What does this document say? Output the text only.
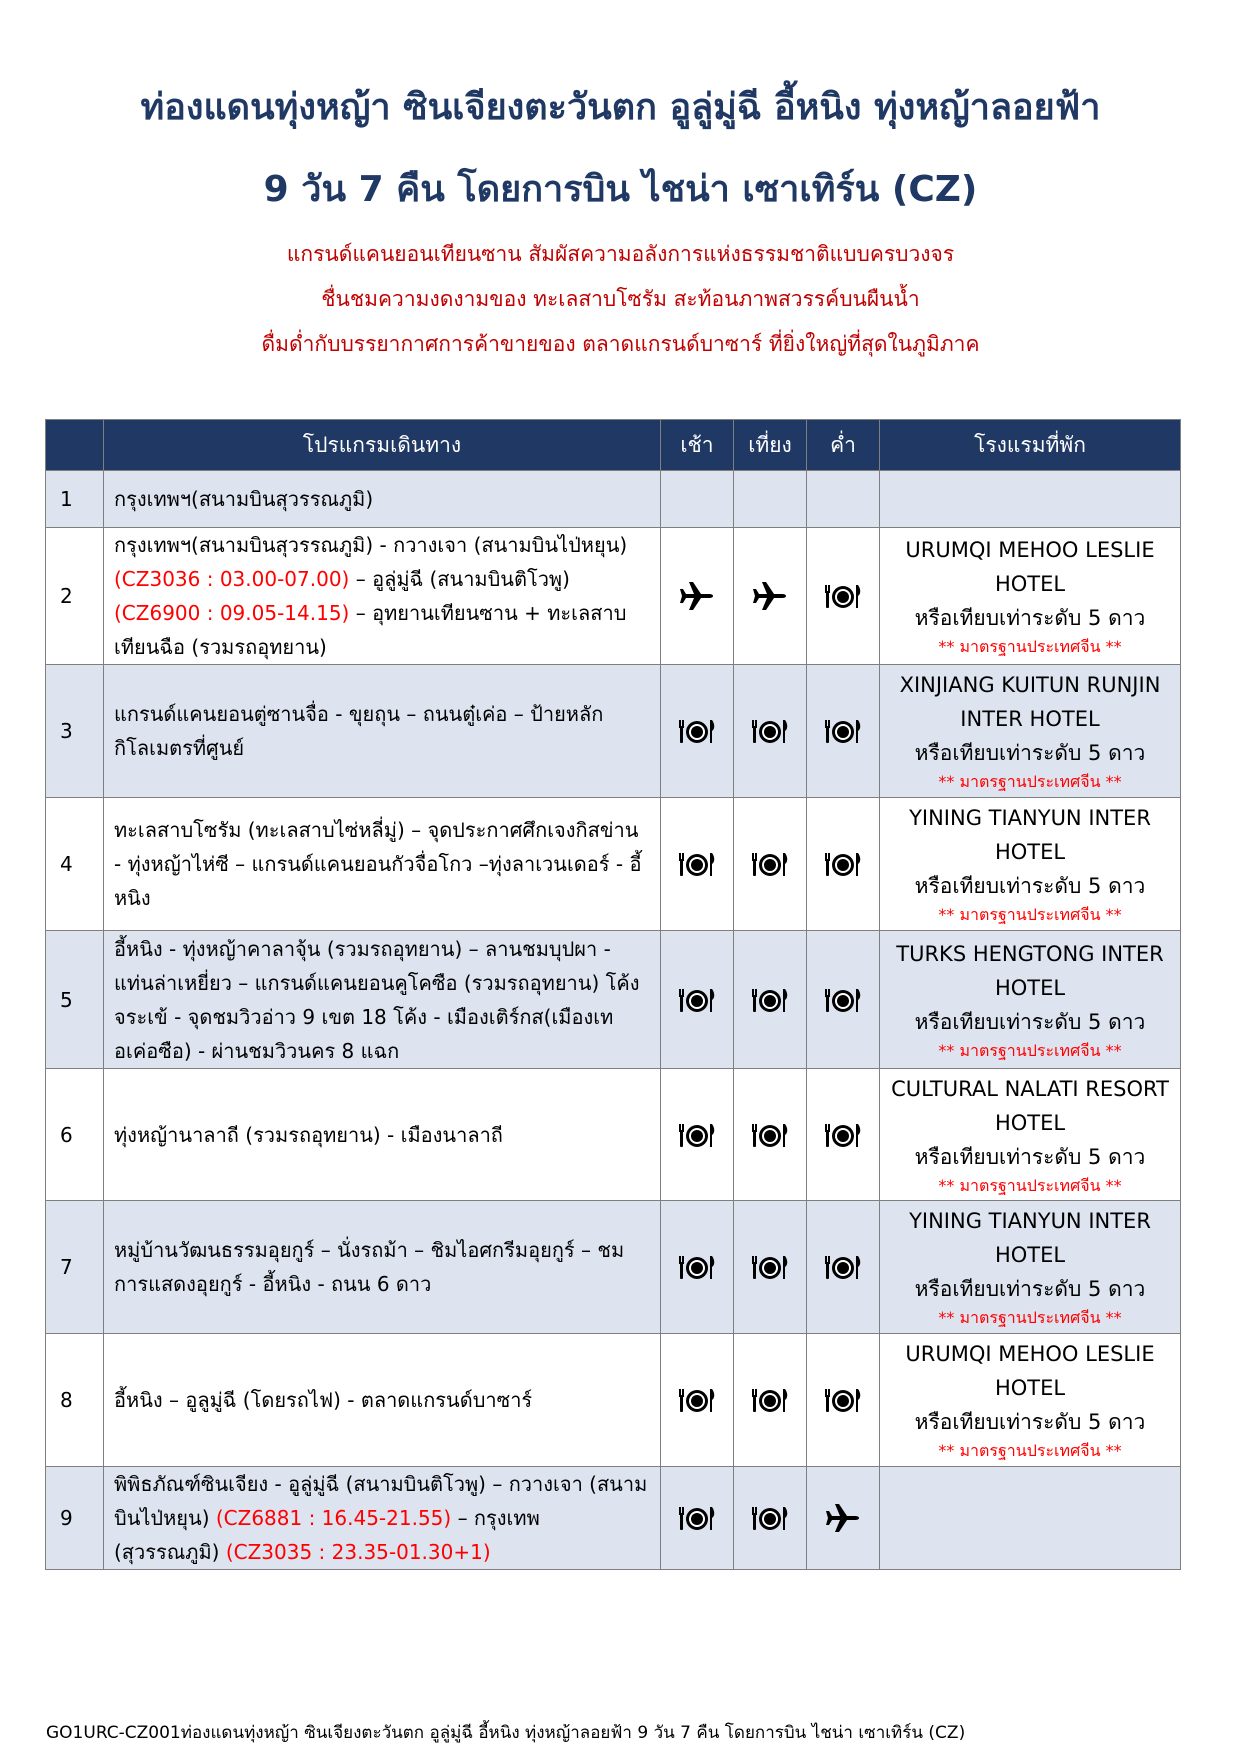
ท่องแดนทุ่งหญ้า ซินเจียงตะวันตก อูลู่มู่ฉี อี้หนิง ทุ่งหญ้าลอยฟ้า
9 วัน 7 คืน โดยการบิน ไชน่า เซาเทิร์น (CZ)
แกรนด์แคนยอนเทียนซาน สัมผัสความอลังการแห่งธรรมชาติแบบครบวงจร
ชื่นชมความงดงามของ ทะเลสาบโซรัม สะท้อนภาพสวรรค์บนผืนน้ำ
ดื่มด่ำกับบรรยากาศการค้าขายของ ตลาดแกรนด์บาซาร์ ที่ยิ่งใหญ่ที่สุดในภูมิภาค
	โปรแกรมเดินทาง	เช้า	เที่ยง	ค่ำ	โรงแรมที่พัก
1	กรุงเทพฯ(สนามบินสุวรรณภูมิ)				
2	กรุงเทพฯ(สนามบินสุวรรณภูมิ) - กวางเจา (สนามบินไป่หยุน) (CZ3036 : 03.00-07.00) – อูลู่มู่ฉี (สนามบินติโวพู) (CZ6900 : 09.05-14.15) – อุทยานเทียนซาน + ทะเลสาบเทียนฉือ (รวมรถอุทยาน)				URUMQI MEHOO LESLIE HOTEL
หรือเทียบเท่าระดับ 5 ดาว
** มาตรฐานประเทศจีน **

3	แกรนด์แคนยอนตู่ซานจื่อ - ขุยถุน – ถนนตู๋เค่อ – ป้ายหลักกิโลเมตรที่ศูนย์				XINJIANG KUITUN RUNJIN INTER HOTEL
หรือเทียบเท่าระดับ 5 ดาว
** มาตรฐานประเทศจีน **

4	ทะเลสาบโซรัม (ทะเลสาบไซ่หลี่มู่) – จุดประกาศศึกเจงกิสข่าน - ทุ่งหญ้าไห่ซี – แกรนด์แคนยอนกัวจื่อโกว –ทุ่งลาเวนเดอร์ - อี้หนิง				YINING TIANYUN INTER HOTEL
หรือเทียบเท่าระดับ 5 ดาว
** มาตรฐานประเทศจีน **

5	อี้หนิง - ทุ่งหญ้าคาลาจุ้น (รวมรถอุทยาน) – ลานชมบุปผา - แท่นล่าเหยี่ยว – แกรนด์แคนยอนคูโคซือ (รวมรถอุทยาน) โค้งจระเข้ - จุดชมวิวอ่าว 9 เขต 18 โค้ง - เมืองเติร์กส(เมืองเทอเค่อซือ) - ผ่านชมวิวนคร 8 แฉก				TURKS HENGTONG INTER HOTEL
หรือเทียบเท่าระดับ 5 ดาว
** มาตรฐานประเทศจีน **

6	ทุ่งหญ้านาลาถี (รวมรถอุทยาน) - เมืองนาลาถี				CULTURAL NALATI RESORT HOTEL
หรือเทียบเท่าระดับ 5 ดาว
** มาตรฐานประเทศจีน **

7	หมู่บ้านวัฒนธรรมอุยกูร์ – นั่งรถม้า – ชิมไอศกรีมอุยกูร์ – ชมการแสดงอุยกูร์ - อี้หนิง - ถนน 6 ดาว				YINING TIANYUN INTER HOTEL
หรือเทียบเท่าระดับ 5 ดาว
** มาตรฐานประเทศจีน **

8	อี้หนิง – อูลูมู่ฉี (โดยรถไฟ) - ตลาดแกรนด์บาซาร์				URUMQI MEHOO LESLIE HOTEL
หรือเทียบเท่าระดับ 5 ดาว
** มาตรฐานประเทศจีน **

9	พิพิธภัณฑ์ซินเจียง - อูลู่มู่ฉี (สนามบินติโวพู) – กวางเจา (สนามบินไป่หยุน) (CZ6881 : 16.45-21.55) – กรุงเทพ (สุวรรณภูมิ) (CZ3035 : 23.35-01.30+1)	

GO1URC-CZ001ท่องแดนทุ่งหญ้า ซินเจียงตะวันตก อูลู่มู่ฉี อี้หนิง ทุ่งหญ้าลอยฟ้า 9 วัน 7 คืน โดยการบิน ไชน่า เซาเทิร์น (CZ)
